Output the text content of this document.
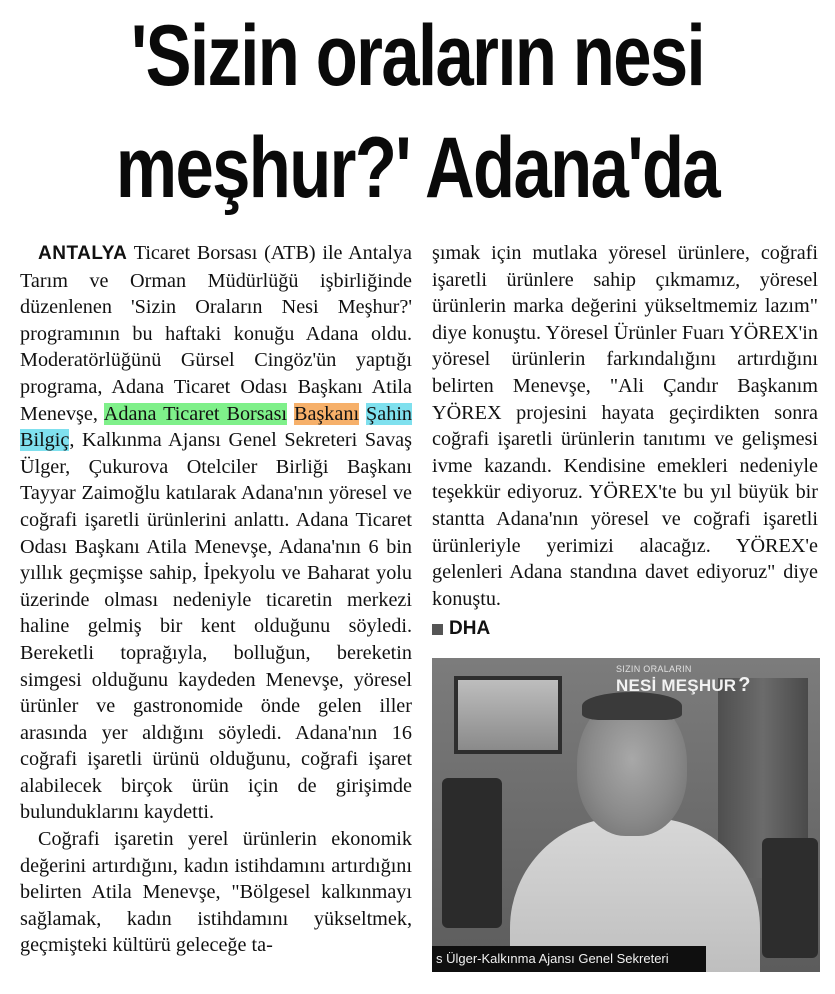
'Sizin oraların nesi
meşhur?' Adana'da

ANTALYA Ticaret Borsası (ATB) ile Antalya Tarım ve Orman Müdürlüğü işbirliğinde düzenlenen 'Sizin Oraların Nesi Meşhur?' programının bu haftaki konuğu Adana oldu. Moderatörlüğünü Gürsel Cingöz'ün yaptığı programa, Adana Ticaret Odası Başkanı Atila Menevşe, Adana Ticaret Borsası Başkanı Şahin Bilgiç, Kalkınma Ajansı Genel Sekreteri Savaş Ülger, Çukurova Otelciler Birliği Başkanı Tayyar Zaimoğlu katılarak Adana'nın yöresel ve coğrafi işaretli ürünlerini anlattı. Adana Ticaret Odası Başkanı Atila Menevşe, Adana'nın 6 bin yıllık geçmişse sahip, İpekyolu ve Baharat yolu üzerinde olması nedeniyle ticaretin merkezi haline gelmiş bir kent olduğunu söyledi. Bereketli toprağıyla, bolluğun, bereketin simgesi olduğunu kaydeden Menevşe, yöresel ürünler ve gastronomide önde gelen iller arasında yer aldığını söyledi. Adana'nın 16 coğrafi işaretli ürünü olduğunu, coğrafi işaret alabilecek birçok ürün için de girişimde bulunduklarını kaydetti.

Coğrafi işaretin yerel ürünlerin ekonomik değerini artırdığını, kadın istihdamını artırdığını belirten Atila Menevşe, "Bölgesel kalkınmayı sağlamak, kadın istihdamını yükseltmek, geçmişteki kültürü geleceğe ta-

şımak için mutlaka yöresel ürünlere, coğrafi işaretli ürünlere sahip çıkmamız, yöresel ürünlerin marka değerini yükseltmemiz lazım" diye konuştu. Yöresel Ürünler Fuarı YÖREX'in yöresel ürünlerin farkındalığını artırdığını belirten Menevşe, "Ali Çandır Başkanım YÖREX projesini hayata geçirdikten sonra coğrafi işaretli ürünlerin tanıtımı ve gelişmesi ivme kazandı. Kendisine emekleri nedeniyle teşekkür ediyoruz. YÖREX'te bu yıl büyük bir stantta Adana'nın yöresel ve coğrafi işaretli ürünleriyle yerimizi alacağız. YÖREX'e gelenleri Adana standına davet ediyoruz" diye konuştu.

DHA
SIZIN ORALARIN
NESİ MEŞHUR ?
s Ülger-Kalkınma Ajansı Genel Sekreteri
